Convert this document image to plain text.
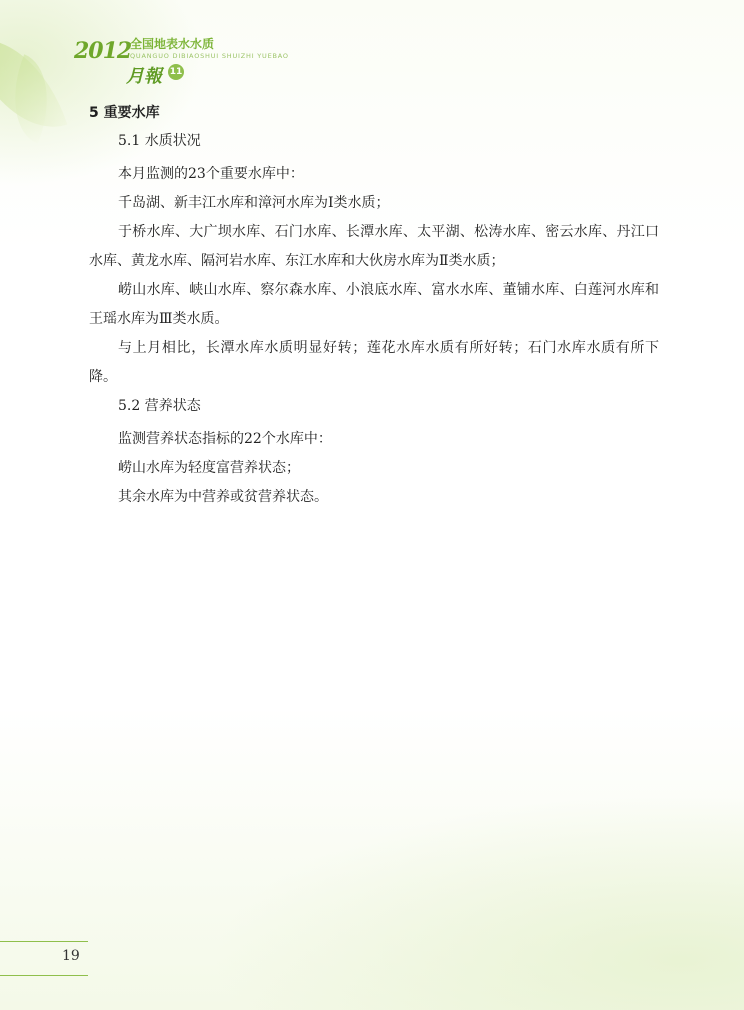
2012
全国地表水水质
QUANGUO DIBIAOSHUI SHUIZHI YUEBAO
月報 11
5 重要水库
5.1 水质状况

本月监测的23个重要水库中：

千岛湖、新丰江水库和漳河水库为Ⅰ类水质；

于桥水库、大广坝水库、石门水库、长潭水库、太平湖、松涛水库、密云水库、丹江口水库、黄龙水库、隔河岩水库、东江水库和大伙房水库为Ⅱ类水质；

崂山水库、峡山水库、察尔森水库、小浪底水库、富水水库、董铺水库、白莲河水库和王瑶水库为Ⅲ类水质。

与上月相比，长潭水库水质明显好转；莲花水库水质有所好转；石门水库水质有所下降。

5.2 营养状态

监测营养状态指标的22个水库中：

崂山水库为轻度富营养状态；

其余水库为中营养或贫营养状态。

19
